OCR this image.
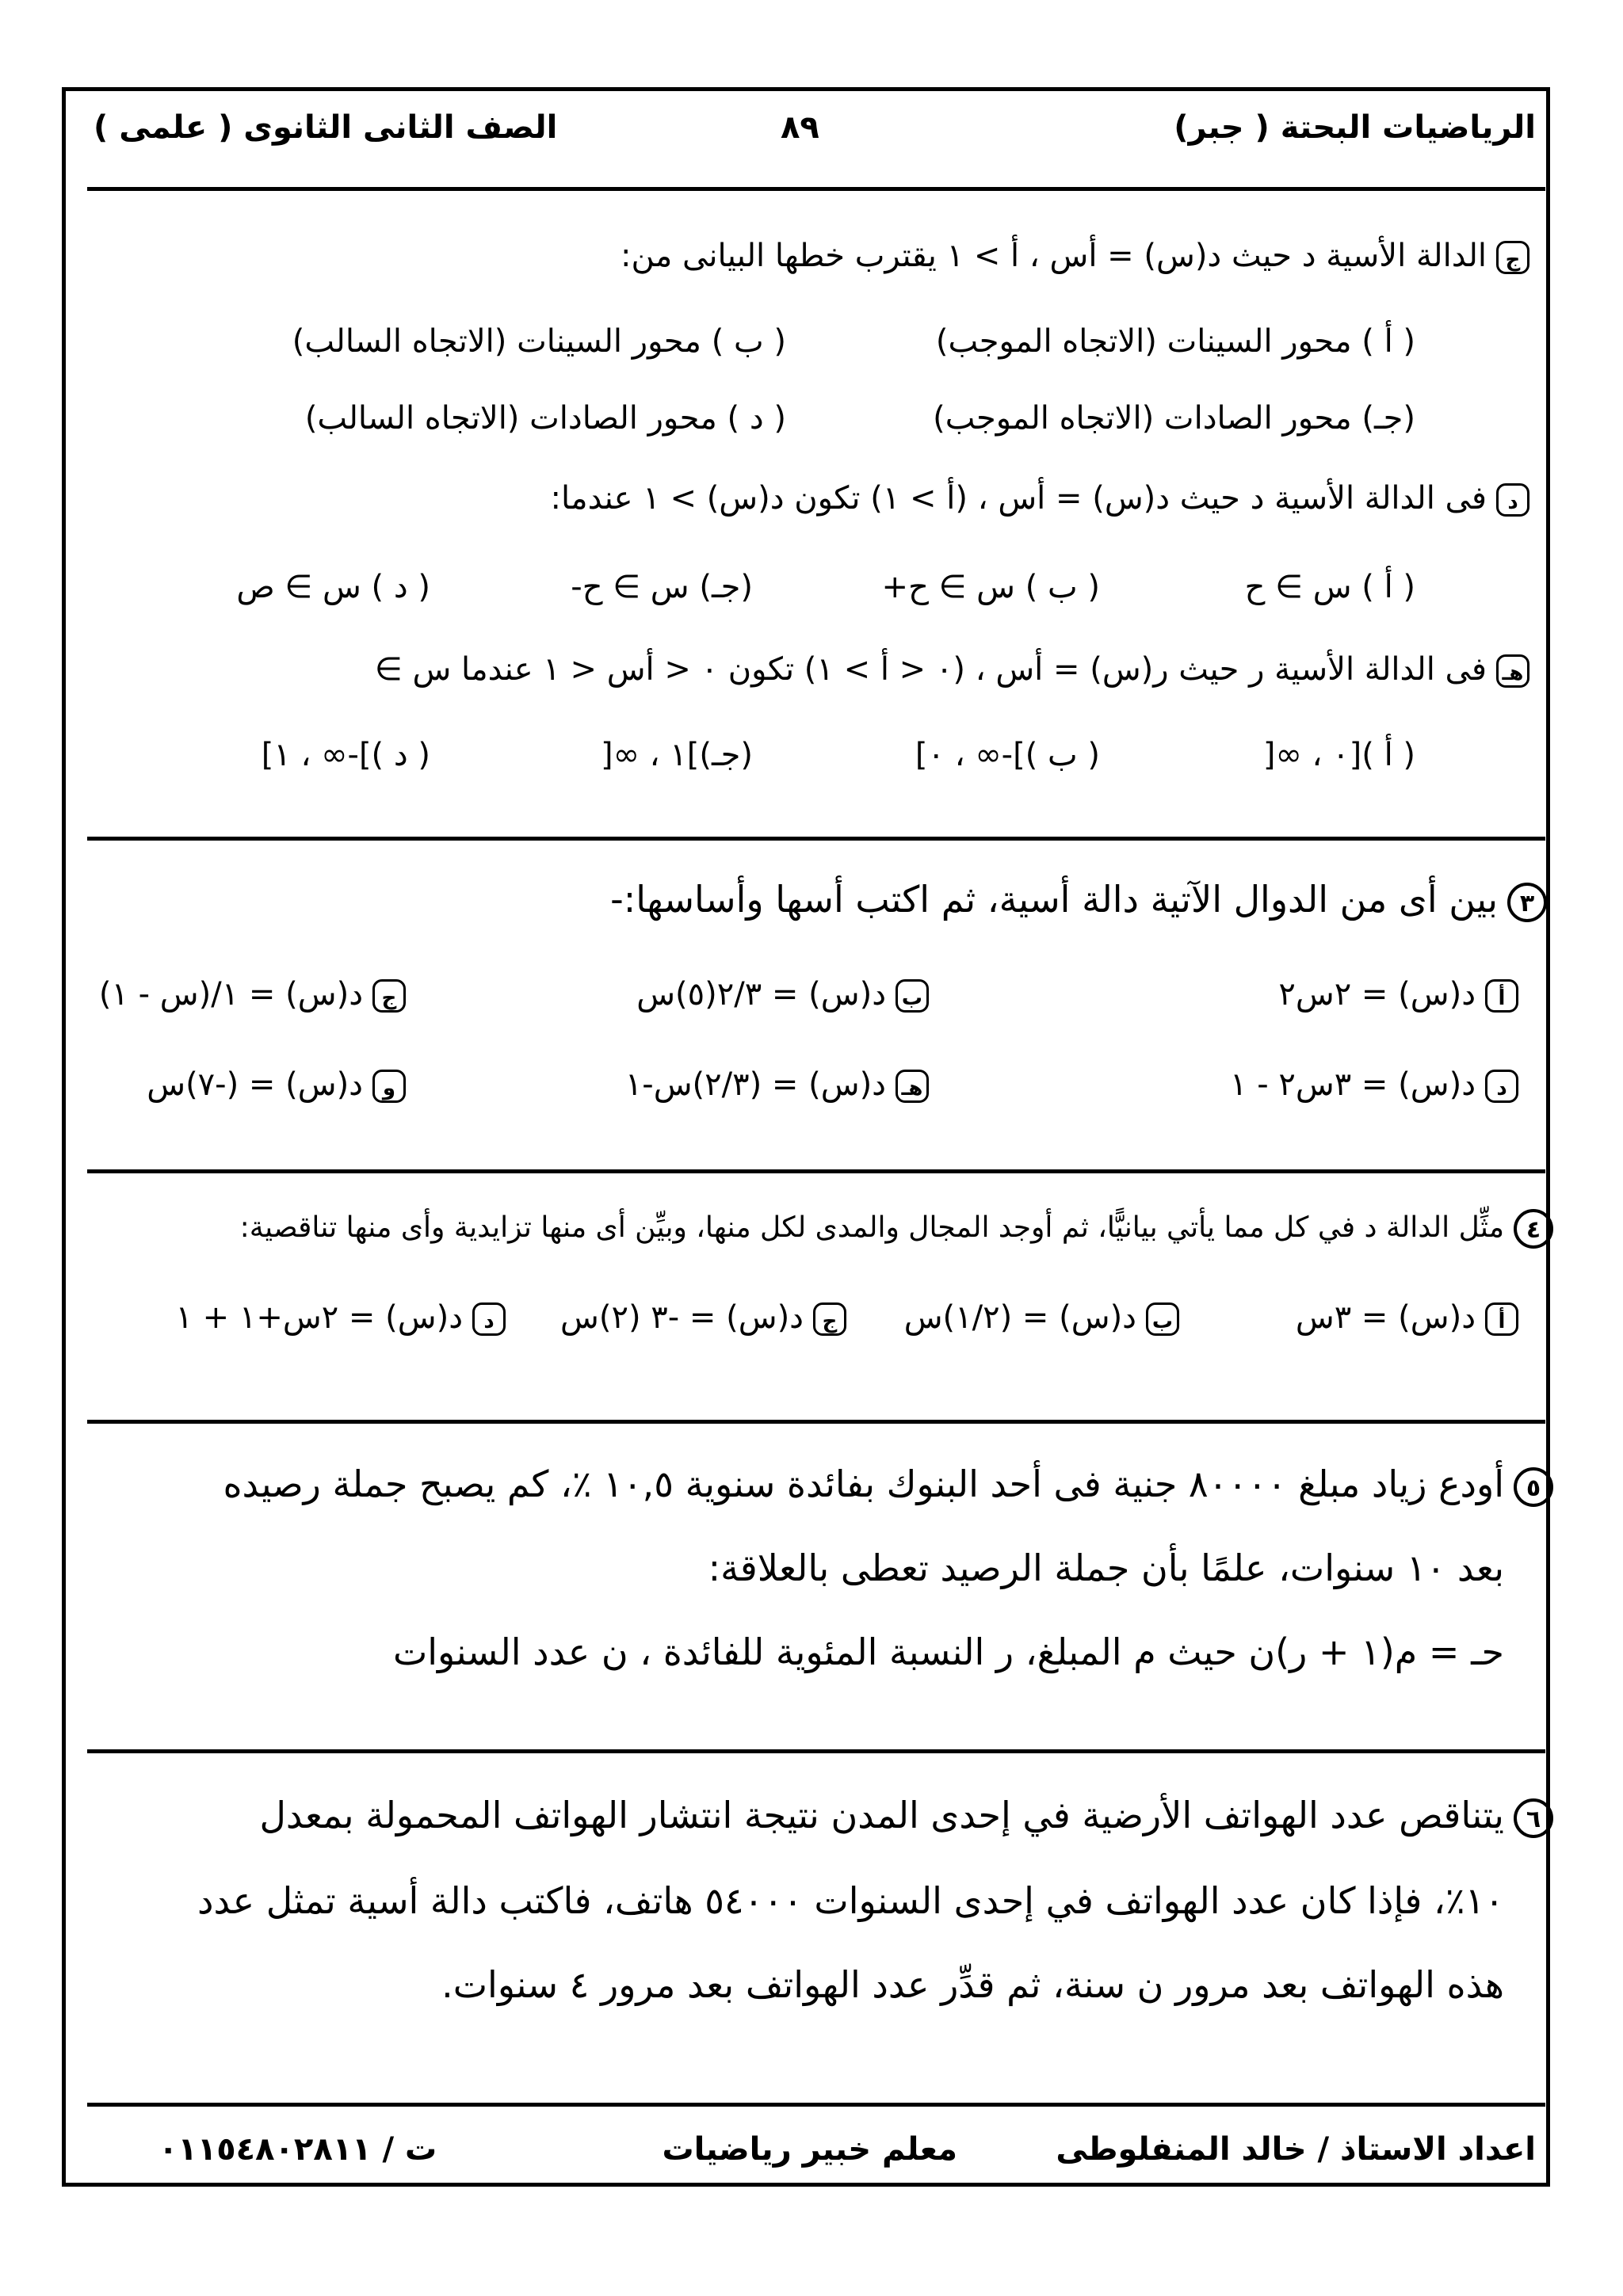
الرياضيات البحتة ( جبر)
٨٩
الصف الثانى الثانوى ( علمى )
جالدالة الأسية د حيث د(س) = أس ، أ > ١ يقترب خطها البيانى من:
( أ ) محور السينات (الاتجاه الموجب)
( ب ) محور السينات (الاتجاه السالب)
(جـ) محور الصادات (الاتجاه الموجب)
( د ) محور الصادات (الاتجاه السالب)
دفى الدالة الأسية د حيث د(س) = أس ، (أ > ١) تكون د(س) > ١ عندما:
( أ ) س ∋ ح
( ب ) س ∋ ح+
(جـ) س ∋ ح-
( د ) س ∋ ص
هـفى الدالة الأسية ر حيث ر(س) = أس ، (٠ < أ > ١) تكون ٠ < أس < ١ عندما س ∋
( أ )[٠ ، ∞[
( ب )]-∞ ، ٠]
(جـ)]١ ، ∞[
( د )]-∞ ، ١]
٣بين أى من الدوال الآتية دالة أسية، ثم اكتب أسها وأساسها:-
أد(س) = ٢س٢
بد(س) = ٢/٣(٥)س
جد(س) = ١/(س - ١)
دد(س) = ٣س٢ - ١
هـد(س) = (٢/٣)س-١
ود(س) = (-٧)س
٤مثِّل الدالة د في كل مما يأتي بيانيًّا، ثم أوجد المجال والمدى لكل منها، وبيِّن أى منها تزايدية وأى منها تناقصية:
أد(س) = ٣س
بد(س) = (١/٢)س
جد(س) = -٣ (٢)س
دد(س) = ٢س+١ + ١
٥أودع زياد مبلغ ٨٠٠٠٠ جنية فى أحد البنوك بفائدة سنوية ١٠,٥ ٪، كم يصبح جملة رصيده
بعد ١٠ سنوات، علمًا بأن جملة الرصيد تعطى بالعلاقة:
حـ = م(١ + ر)ن حيث م المبلغ، ر النسبة المئوية للفائدة ، ن عدد السنوات
٦يتناقص عدد الهواتف الأرضية في إحدى المدن نتيجة انتشار الهواتف المحمولة بمعدل
١٠٪، فإذا كان عدد الهواتف في إحدى السنوات ٥٤٠٠٠ هاتف، فاكتب دالة أسية تمثل عدد
هذه الهواتف بعد مرور ن سنة، ثم قدِّر عدد الهواتف بعد مرور ٤ سنوات.
اعداد الاستاذ / خالد المنفلوطى
معلم خبير رياضيات
ت / ٠١١٥٤٨٠٢٨١١
